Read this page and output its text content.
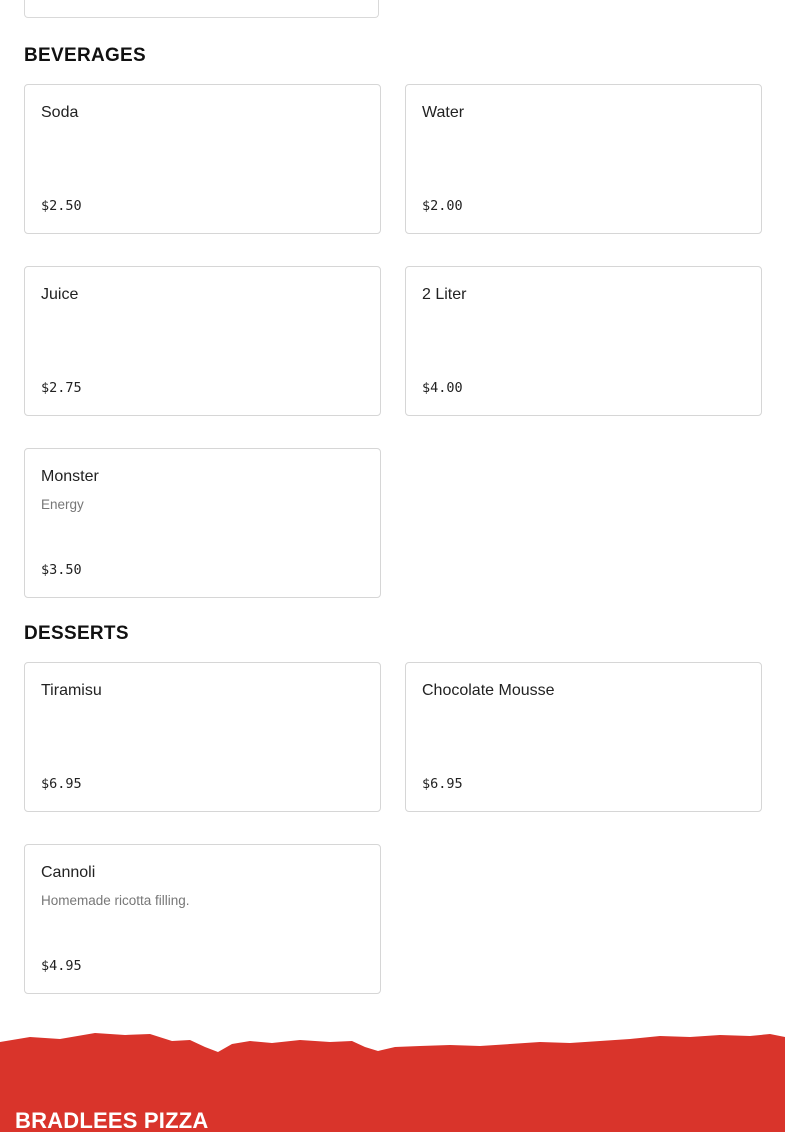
BEVERAGES
Soda
$2.50
Water
$2.00
Juice
$2.75
2 Liter
$4.00
Monster
Energy
$3.50
DESSERTS
Tiramisu
$6.95
Chocolate Mousse
$6.95
Cannoli
Homemade ricotta filling.
$4.95
BRADLEES PIZZA
